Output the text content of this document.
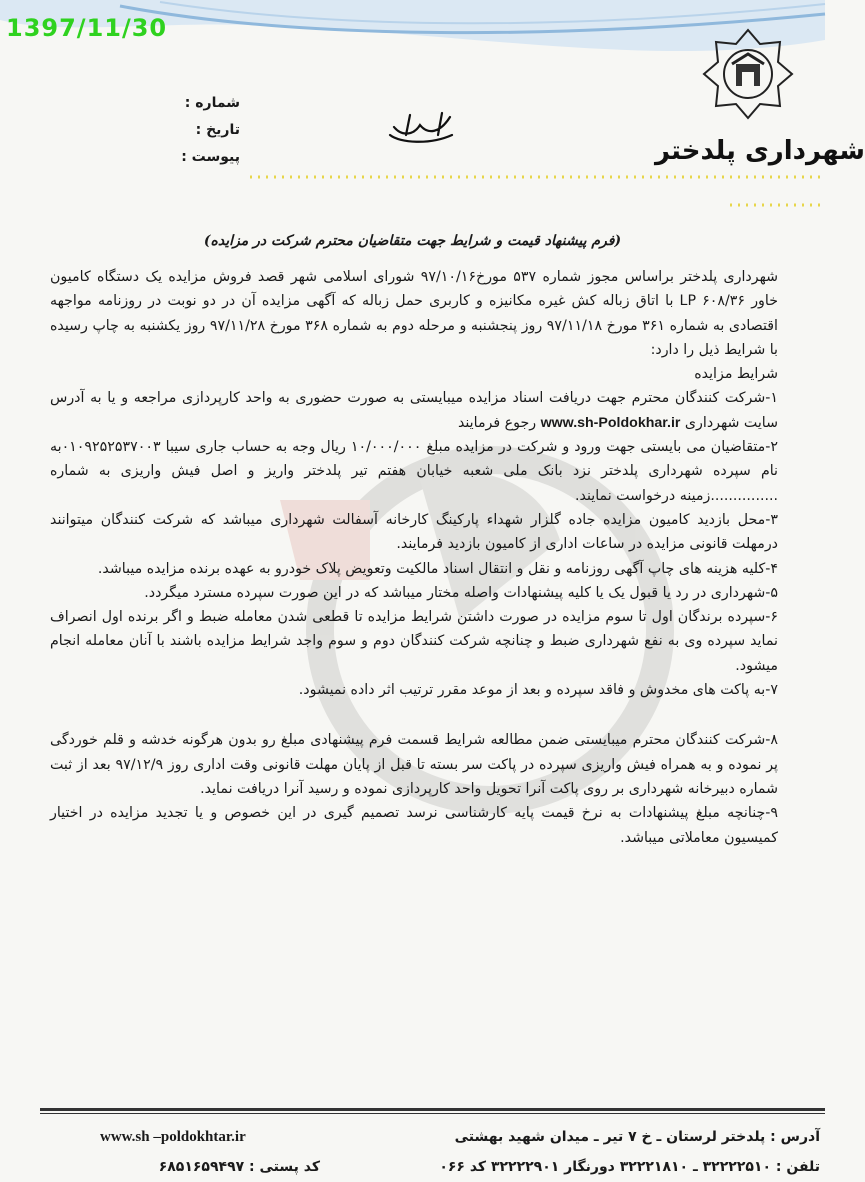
1397/11/30
شهرداری پلدختر
شماره :
تاریخ :
پیوست :
(فرم پیشنهاد قیمت و شرایط جهت متقاضیان محترم شرکت در مزایده)

شهرداری پلدختر براساس مجوز شماره ۵۳۷ مورخ۹۷/۱۰/۱۶ شورای اسلامی شهر قصد فروش مزایده یک دستگاه کامیون خاور LP ۶۰۸/۳۶ با اتاق زباله کش غیره مکانیزه و کاربری حمل زباله که آگهی مزایده آن در دو نوبت در روزنامه مواجهه اقتصادی به شماره ۳۶۱ مورخ ۹۷/۱۱/۱۸ روز پنجشنبه و مرحله دوم به شماره ۳۶۸ مورخ ۹۷/۱۱/۲۸ روز یکشنبه به چاپ رسیده با شرایط ذیل را دارد:

شرایط مزایده

۱-شرکت کنندگان محترم جهت دریافت اسناد مزایده میبایستی به صورت حضوری به واحد کارپردازی مراجعه و یا به آدرس سایت شهرداری www.sh-Poldokhar.ir رجوع فرمایند

۲-متقاضیان می بایستی جهت ورود و شرکت در مزایده مبلغ ۱۰/۰۰۰/۰۰۰ ریال وجه به حساب جاری سیبا ۰۱۰۹۲۵۲۵۳۷۰۰۳به نام سپرده شهرداری پلدختر نزد بانک ملی شعبه خیابان هفتم تیر پلدختر واریز و اصل فیش واریزی به شماره ...............زمینه درخواست نمایند.

۳-محل بازدید کامیون مزایده جاده گلزار شهداء پارکینگ کارخانه آسفالت شهرداری میباشد که شرکت کنندگان میتوانند درمهلت قانونی مزایده در ساعات اداری از کامیون بازدید فرمایند.

۴-کلیه هزینه های چاپ آگهی روزنامه و نقل و انتقال اسناد مالکیت وتعویض پلاک خودرو به عهده برنده مزایده میباشد.

۵-شهرداری در رد یا قبول یک یا کلیه پیشنهادات واصله مختار میباشد که در این صورت سپرده مسترد میگردد.

۶-سپرده برندگان اول تا سوم مزایده در صورت داشتن شرایط مزایده تا قطعی شدن معامله ضبط و اگر برنده اول انصراف نماید سپرده وی به نفع شهرداری ضبط و چنانچه شرکت کنندگان دوم و سوم واجد شرایط مزایده باشند با آنان معامله انجام میشود.

۷-به پاکت های مخدوش و فاقد سپرده و بعد از موعد مقرر ترتیب اثر داده نمیشود.

۸-شرکت کنندگان محترم میبایستی ضمن مطالعه شرایط قسمت فرم پیشنهادی مبلغ رو بدون هرگونه خدشه و قلم خوردگی پر نموده و به همراه فیش واریزی سپرده در پاکت سر بسته تا قبل از پایان مهلت قانونی وقت اداری روز ۹۷/۱۲/۹ بعد از ثبت شماره دبیرخانه شهرداری بر روی پاکت آنرا تحویل واحد کارپردازی نموده و رسید آنرا دریافت نماید.

۹-چنانچه مبلغ پیشنهادات به نرخ قیمت پایه کارشناسی نرسد تصمیم گیری در این خصوص و یا تجدید مزایده در اختیار کمیسیون معاملاتی میباشد.

آدرس : پلدختر لرستان ـ خ ۷ تیر ـ میدان شهید بهشتی
تلفن : ۳۲۲۲۲۵۱۰ ـ ۳۲۲۲۱۸۱۰ دورنگار ۳۲۲۲۲۹۰۱ کد ۰۶۶
www.sh –poldokhtar.ir
کد پستی : ۶۸۵۱۶۵۹۴۹۷
